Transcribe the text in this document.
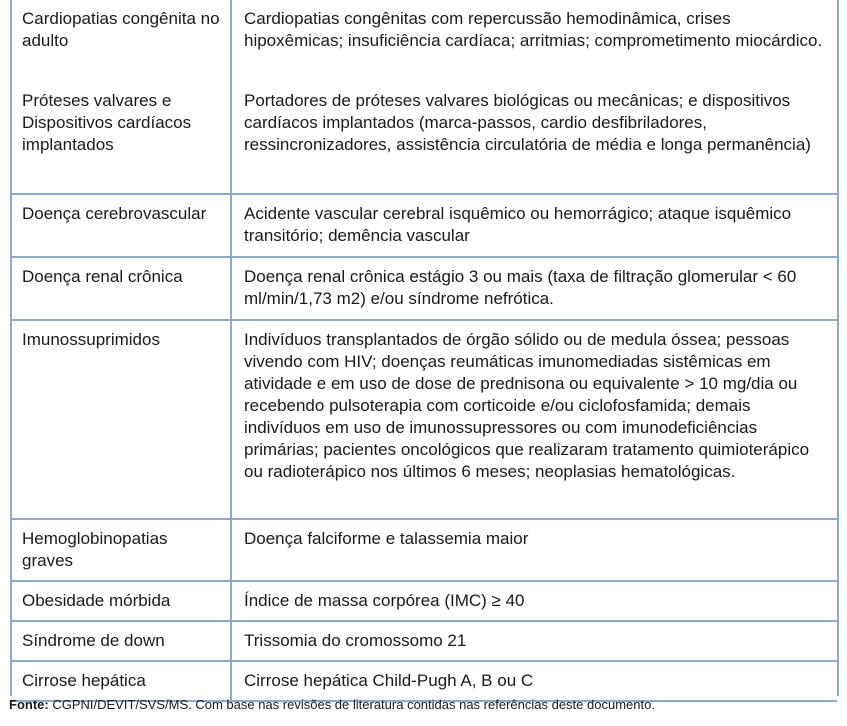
Cardiopatias congênita no adulto	Cardiopatias congênitas com repercussão hemodinâmica, crises hipoxêmicas; insuficiência cardíaca; arritmias; comprometimento miocárdico.

Próteses valvares e Dispositivos cardíacos implantados	Portadores de próteses valvares biológicas ou mecânicas; e dispositivos cardíacos implantados (marca-passos, cardio desfibriladores, ressincronizadores, assistência circulatória de média e longa permanência)

Doença cerebrovascular	Acidente vascular cerebral isquêmico ou hemorrágico; ataque isquêmico transitório; demência vascular

Doença renal crônica	Doença renal crônica estágio 3 ou mais (taxa de filtração glomerular < 60 ml/min/1,73 m2) e/ou síndrome nefrótica.

Imunossuprimidos	Indivíduos transplantados de órgão sólido ou de medula óssea; pessoas vivendo com HIV; doenças reumáticas imunomediadas sistêmicas em atividade e em uso de dose de prednisona ou equivalente > 10 mg/dia ou recebendo pulsoterapia com corticoide e/ou ciclofosfamida; demais indivíduos em uso de imunossupressores ou com imunodeficiências primárias; pacientes oncológicos que realizaram tratamento quimioterápico ou radioterápico nos últimos 6 meses; neoplasias hematológicas.

Hemoglobinopatias graves	Doença falciforme e talassemia maior

Obesidade mórbida	Índice de massa corpórea (IMC) ≥ 40

Síndrome de down	Trissomia do cromossomo 21

Cirrose hepática	Cirrose hepática Child-Pugh A, B ou C
Fonte: CGPNI/DEVIT/SVS/MS. Com base nas revisões de literatura contidas nas referências deste documento.
